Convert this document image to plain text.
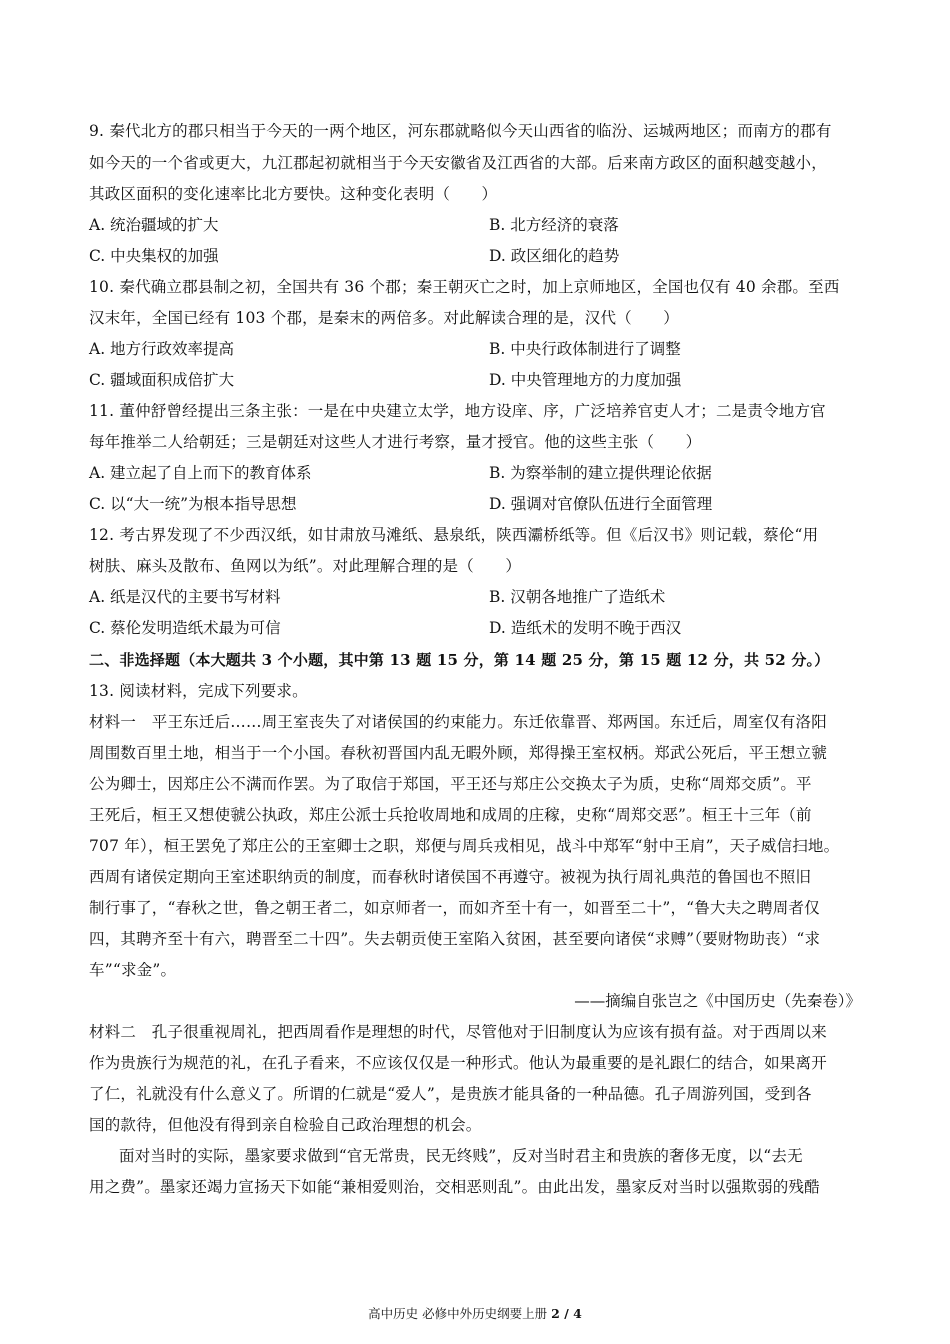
9. 秦代北方的郡只相当于今天的一两个地区，河东郡就略似今天山西省的临汾、运城两地区；而南方的郡有
如今天的一个省或更大，九江郡起初就相当于今天安徽省及江西省的大部。后来南方政区的面积越变越小，
其政区面积的变化速率比北方要快。这种变化表明（　　）
A. 统治疆域的扩大	B. 北方经济的衰落
C. 中央集权的加强	D. 政区细化的趋势
10. 秦代确立郡县制之初，全国共有 36 个郡；秦王朝灭亡之时，加上京师地区，全国也仅有 40 余郡。至西
汉末年，全国已经有 103 个郡，是秦末的两倍多。对此解读合理的是，汉代（　　）
A. 地方行政效率提高	B. 中央行政体制进行了调整
C. 疆域面积成倍扩大	D. 中央管理地方的力度加强
11. 董仲舒曾经提出三条主张：一是在中央建立太学，地方设庠、序，广泛培养官吏人才；二是责令地方官
每年推举二人给朝廷；三是朝廷对这些人才进行考察，量才授官。他的这些主张（　　）
A. 建立起了自上而下的教育体系	B. 为察举制的建立提供理论依据
C. 以“大一统”为根本指导思想	D. 强调对官僚队伍进行全面管理
12. 考古界发现了不少西汉纸，如甘肃放马滩纸、悬泉纸，陕西灞桥纸等。但《后汉书》则记载，蔡伦“用
树肤、麻头及散布、鱼网以为纸”。对此理解合理的是（　　）
A. 纸是汉代的主要书写材料	B. 汉朝各地推广了造纸术
C. 蔡伦发明造纸术最为可信	D. 造纸术的发明不晚于西汉
二、非选择题（本大题共 3 个小题，其中第 13 题 15 分，第 14 题 25 分，第 15 题 12 分，共 52 分。）
13. 阅读材料，完成下列要求。
材料一　平王东迁后……周王室丧失了对诸侯国的约束能力。东迁依靠晋、郑两国。东迁后，周室仅有洛阳
周围数百里土地，相当于一个小国。春秋初晋国内乱无暇外顾，郑得操王室权柄。郑武公死后，平王想立虢
公为卿士，因郑庄公不满而作罢。为了取信于郑国，平王还与郑庄公交换太子为质，史称“周郑交质”。平
王死后，桓王又想使虢公执政，郑庄公派士兵抢收周地和成周的庄稼，史称“周郑交恶”。桓王十三年（前
707 年），桓王罢免了郑庄公的王室卿士之职，郑便与周兵戎相见，战斗中郑军“射中王肩”，天子威信扫地。
西周有诸侯定期向王室述职纳贡的制度，而春秋时诸侯国不再遵守。被视为执行周礼典范的鲁国也不照旧
制行事了，“春秋之世，鲁之朝王者二，如京师者一，而如齐至十有一，如晋至二十”，“鲁大夫之聘周者仅
四，其聘齐至十有六，聘晋至二十四”。失去朝贡使王室陷入贫困，甚至要向诸侯“求赙”（要财物助丧）“求
车”“求金”。
——摘编自张岂之《中国历史（先秦卷）》
材料二　孔子很重视周礼，把西周看作是理想的时代，尽管他对于旧制度认为应该有损有益。对于西周以来
作为贵族行为规范的礼，在孔子看来，不应该仅仅是一种形式。他认为最重要的是礼跟仁的结合，如果离开
了仁，礼就没有什么意义了。所谓的仁就是“爱人”，是贵族才能具备的一种品德。孔子周游列国，受到各
国的款待，但他没有得到亲自检验自己政治理想的机会。
面对当时的实际，墨家要求做到“官无常贵，民无终贱”，反对当时君主和贵族的奢侈无度，以“去无
用之费”。墨家还竭力宣扬天下如能“兼相爱则治，交相恶则乱”。由此出发，墨家反对当时以强欺弱的残酷
高中历史 必修中外历史纲要上册 2 / 4
